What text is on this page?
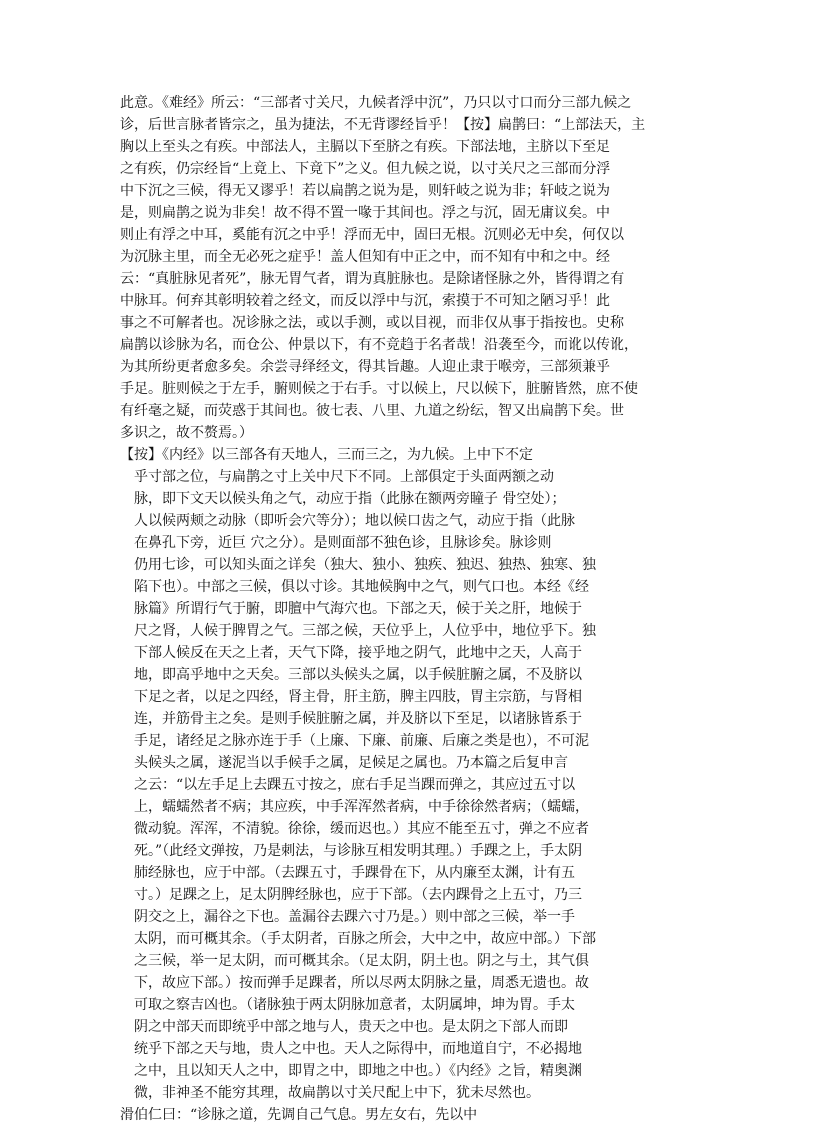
此意。《难经》所云：“三部者寸关尺，九候者浮中沉”，乃只以寸口而分三部九候之
诊，后世言脉者皆宗之，虽为捷法，不无背谬经旨乎！【按】扁鹊曰：“上部法天，主
胸以上至头之有疾。中部法人，主膈以下至脐之有疾。下部法地，主脐以下至足
之有疾，仍宗经旨“上竟上、下竟下”之义。但九候之说，以寸关尺之三部而分浮
中下沉之三候，得无又谬乎！若以扁鹊之说为是，则轩岐之说为非；轩岐之说为
是，则扁鹊之说为非矣！故不得不置一喙于其间也。浮之与沉，固无庸议矣。中
则止有浮之中耳，奚能有沉之中乎！浮而无中，固曰无根。沉则必无中矣，何仅以
为沉脉主里，而全无必死之症乎！盖人但知有中正之中，而不知有中和之中。经
云：“真脏脉见者死”，脉无胃气者，谓为真脏脉也。是除诸怪脉之外，皆得谓之有
中脉耳。何弃其彰明较着之经文，而反以浮中与沉，索摸于不可知之陋习乎！此
事之不可解者也。况诊脉之法，或以手测，或以目视，而非仅从事于指按也。史称
扁鹊以诊脉为名，而仓公、仲景以下，有不竞趋于名者哉！沿袭至今，而讹以传讹，
为其所纷更者愈多矣。余尝寻绎经文，得其旨趣。人迎止隶于喉旁，三部须兼乎
手足。脏则候之于左手，腑则候之于右手。寸以候上，尺以候下，脏腑皆然，庶不使
有纤毫之疑，而荧惑于其间也。彼七表、八里、九道之纷纭，智又出扁鹊下矣。世
多识之，故不赘焉。）
【按】《内经》以三部各有天地人，三而三之，为九候。上中下不定
乎寸部之位，与扁鹊之寸上关中尺下不同。上部俱定于头面两额之动
脉，即下文天以候头角之气，动应于指（此脉在额两旁瞳子 骨空处）；
人以候两颊之动脉（即听会穴等分）；地以候口齿之气，动应于指（此脉
在鼻孔下旁，近巨 穴之分）。是则面部不独色诊，且脉诊矣。脉诊则
仍用七诊，可以知头面之详矣（独大、独小、独疾、独迟、独热、独寒、独
陷下也）。中部之三候，俱以寸诊。其地候胸中之气，则气口也。本经《经
脉篇》所谓行气于腑，即膻中气海穴也。下部之天，候于关之肝，地候于
尺之肾，人候于脾胃之气。三部之候，天位乎上，人位乎中，地位乎下。独
下部人候反在天之上者，天气下降，接乎地之阴气，此地中之天，人高于
地，即高乎地中之天矣。三部以头候头之属，以手候脏腑之属，不及脐以
下足之者，以足之四经，肾主骨，肝主筋，脾主四肢，胃主宗筋，与肾相
连，并筋骨主之矣。是则手候脏腑之属，并及脐以下至足，以诸脉皆系于
手足，诸经足之脉亦连于手（上廉、下廉、前廉、后廉之类是也），不可泥
头候头之属，遂泥当以手候手之属，足候足之属也。乃本篇之后复申言
之云：“以左手足上去踝五寸按之，庶右手足当踝而弹之，其应过五寸以
上，蠕蠕然者不病；其应疾，中手浑浑然者病，中手徐徐然者病；（蠕蠕，
微动貌。浑浑，不清貌。徐徐，缓而迟也。）其应不能至五寸，弹之不应者
死。”（此经文弹按，乃是刺法，与诊脉互相发明其理。）手踝之上，手太阴
肺经脉也，应于中部。（去踝五寸，手踝骨在下，从内廉至太渊，计有五
寸。）足踝之上，足太阴脾经脉也，应于下部。（去内踝骨之上五寸，乃三
阴交之上，漏谷之下也。盖漏谷去踝六寸乃是。）则中部之三候，举一手
太阴，而可概其余。（手太阴者，百脉之所会，大中之中，故应中部。）下部
之三候，举一足太阴，而可概其余。（足太阴，阴土也。阴之与土，其气俱
下，故应下部。）按而弹手足踝者，所以尽两太阴脉之量，周悉无遗也。故
可取之察吉凶也。（诸脉独于两太阴脉加意者，太阴属坤，坤为胃。手太
阴之中部天而即统乎中部之地与人，贵天之中也。是太阴之下部人而即
统乎下部之天与地，贵人之中也。天人之际得中，而地道自宁，不必揭地
之中，且以知天人之中，即胃之中，即地之中也。）《内经》之旨，精奥渊
微，非神圣不能穷其理，故扁鹊以寸关尺配上中下，犹未尽然也。
滑伯仁曰：“诊脉之道，先调自己气息。男左女右，先以中
